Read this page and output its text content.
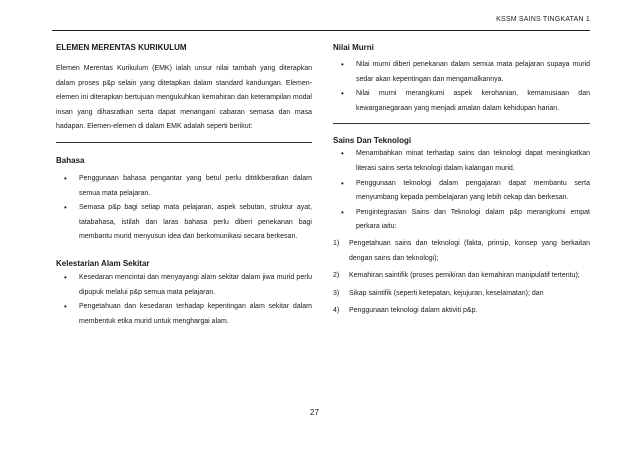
KSSM SAINS TINGKATAN 1
ELEMEN MERENTAS KURIKULUM
Elemen Merentas Kurikulum (EMK) ialah unsur nilai tambah yang diterapkan dalam proses p&p selain yang ditetapkan dalam standard kandungan. Elemen-elemen ini diterapkan bertujuan mengukuhkan kemahiran dan keterampilan modal insan yang dihasratkan serta dapat menangani cabaran semasa dan masa hadapan. Elemen-elemen di dalam EMK adalah seperti berikut:
Bahasa
• Penggunaan bahasa pengantar yang betul perlu dititikberatkan dalam semua mata pelajaran.
• Semasa p&p bagi setiap mata pelajaran, aspek sebutan, struktur ayat, tatabahasa, istilah dan laras bahasa perlu diberi penekanan bagi membantu murid menyusun idea dan berkomunikasi secara berkesan.
Kelestarian Alam Sekitar
• Kesedaran mencintai dan menyayangi alam sekitar dalam jiwa murid perlu dipupuk melalui p&p semua mata pelajaran.
• Pengetahuan dan kesedaran terhadap kepentingan alam sekitar dalam membentuk etika murid untuk menghargai alam.
Nilai Murni
• Nilai murni diberi penekanan dalam semua mata pelajaran supaya murid sedar akan kepentingan dan mengamalkannya.
• Nilai murni merangkumi aspek kerohanian, kemanusiaan dan kewarganegaraan yang menjadi amalan dalam kehidupan harian.
Sains Dan Teknologi
• Menambahkan minat terhadap sains dan teknologi dapat meningkatkan literasi sains serta teknologi dalam kalangan murid.
• Penggunaan teknologi dalam pengajaran dapat membantu serta menyumbang kepada pembelajaran yang lebih cekap dan berkesan.
• Pengintegrasian Sains dan Teknologi dalam p&p merangkumi empat perkara iaitu:
1) Pengetahuan sains dan teknologi (fakta, prinsip, konsep yang berkaitan dengan sains dan teknologi);
2) Kemahiran saintifik (proses pemikiran dan kemahiran manipulatif tertentu);
3) Sikap saintifik (seperti ketepatan, kejujuran, keselamatan); dan
4) Penggunaan teknologi dalam aktiviti p&p.
27
